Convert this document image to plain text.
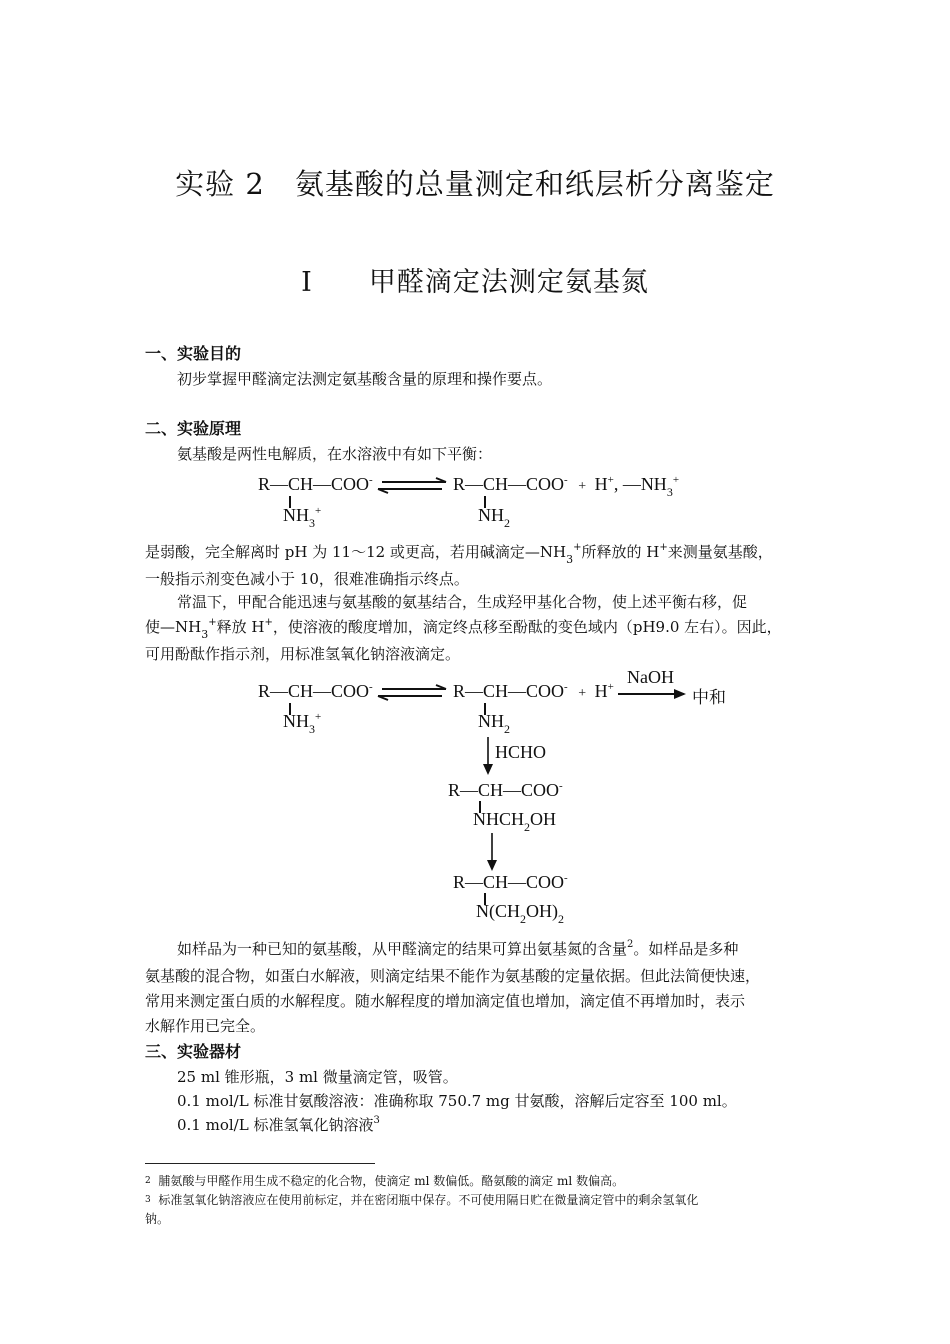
实验 2　氨基酸的总量测定和纸层析分离鉴定
I　　甲醛滴定法测定氨基氮
一、实验目的
初步掌握甲醛滴定法测定氨基酸含量的原理和操作要点。
二、实验原理
氨基酸是两性电解质，在水溶液中有如下平衡：
R—CH—COO-
$NH_3^+$
R—CH—COO- + H+, $—NH_3^+$
$NH_2$
是弱酸，完全解离时 pH 为 11～12 或更高，若用碱滴定$—NH_3^+$所释放的 H+来测量氨基酸，
一般指示剂变色减小于 10，很难准确指示终点。
常温下，甲配合能迅速与氨基酸的氨基结合，生成羟甲基化合物，使上述平衡右移，促
使$—NH_3^+$释放 H+，使溶液的酸度增加，滴定终点移至酚酞的变色域内（pH9.0 左右）。因此，
可用酚酞作指示剂，用标准氢氧化钠溶液滴定。
R—CH—COO-
$NH_3^+$
R—CH—COO- + H+ NaOH
中和
$NH_2$
HCHO
R—CH—COO-
$NHCH_2OH$
R—CH—COO-
$N(CH_2OH)_2$
如样品为一种已知的氨基酸，从甲醛滴定的结果可算出氨基氮的含量$^2$。如样品是多种
氨基酸的混合物，如蛋白水解液，则滴定结果不能作为氨基酸的定量依据。但此法简便快速，
常用来测定蛋白质的水解程度。随水解程度的增加滴定值也增加，滴定值不再增加时，表示
水解作用已完全。
三、实验器材
25 ml 锥形瓶，3 ml 微量滴定管，吸管。
0.1 mol/L 标准甘氨酸溶液：准确称取 750.7 mg 甘氨酸，溶解后定容至 100 ml。
0.1 mol/L 标准氢氧化钠溶液$^3$
2 脯氨酸与甲醛作用生成不稳定的化合物，使滴定 ml 数偏低。酪氨酸的滴定 ml 数偏高。
3 标准氢氧化钠溶液应在使用前标定，并在密闭瓶中保存。不可使用隔日贮在微量滴定管中的剩余氢氧化
钠。
